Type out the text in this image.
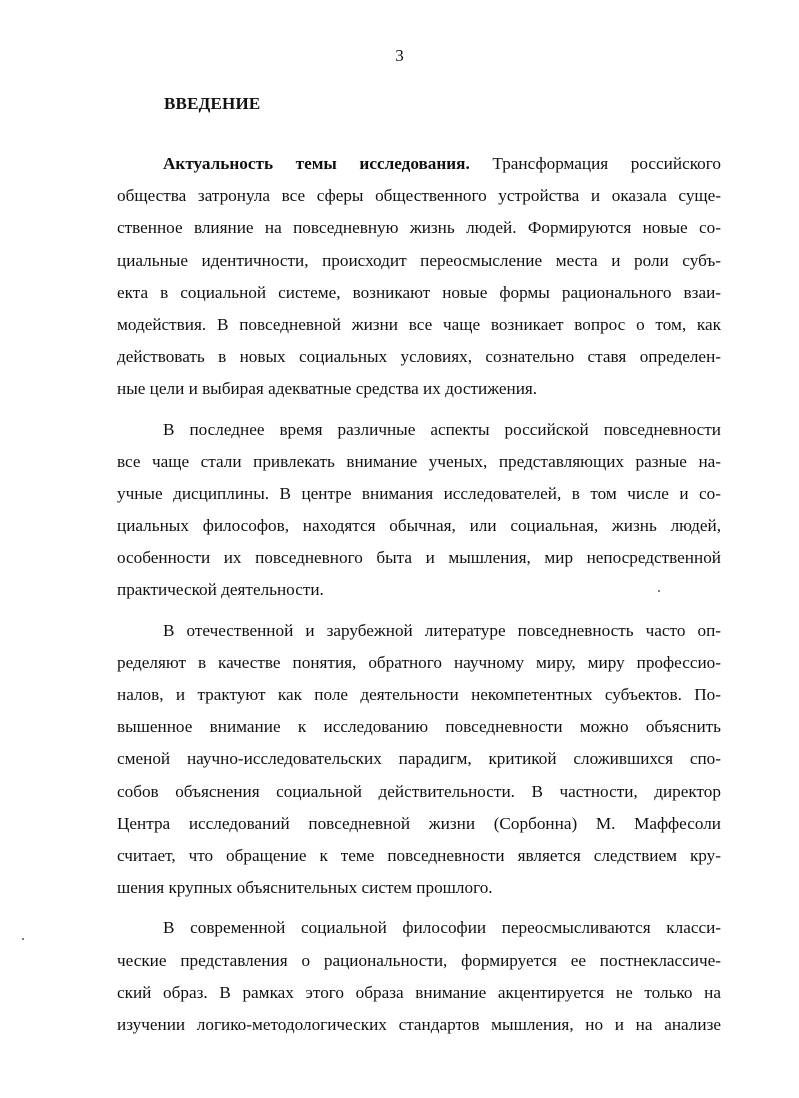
3
ВВЕДЕНИЕ
Актуальность темы исследования. Трансформация российского
общества затронула все сферы общественного устройства и оказала суще-
ственное влияние на повседневную жизнь людей. Формируются новые со-
циальные идентичности, происходит переосмысление места и роли субъ-
екта в социальной системе, возникают новые формы рационального взаи-
модействия. В повседневной жизни все чаще возникает вопрос о том, как
действовать в новых социальных условиях, сознательно ставя определен-
ные цели и выбирая адекватные средства их достижения.
В последнее время различные аспекты российской повседневности
все чаще стали привлекать внимание ученых, представляющих разные на-
учные дисциплины. В центре внимания исследователей, в том числе и со-
циальных философов, находятся обычная, или социальная, жизнь людей,
особенности их повседневного быта и мышления, мир непосредственной
практической деятельности.
В отечественной и зарубежной литературе повседневность часто оп-
ределяют в качестве понятия, обратного научному миру, миру профессио-
налов, и трактуют как поле деятельности некомпетентных субъектов. По-
вышенное внимание к исследованию повседневности можно объяснить
сменой научно-исследовательских парадигм, критикой сложившихся спо-
собов объяснения социальной действительности. В частности, директор
Центра исследований повседневной жизни (Сорбонна) М. Маффесоли
считает, что обращение к теме повседневности является следствием кру-
шения крупных объяснительных систем прошлого.
В современной социальной философии переосмысливаются класси-
ческие представления о рациональности, формируется ее постнеклассиче-
ский образ. В рамках этого образа внимание акцентируется не только на
изучении логико-методологических стандартов мышления, но и на анализе
